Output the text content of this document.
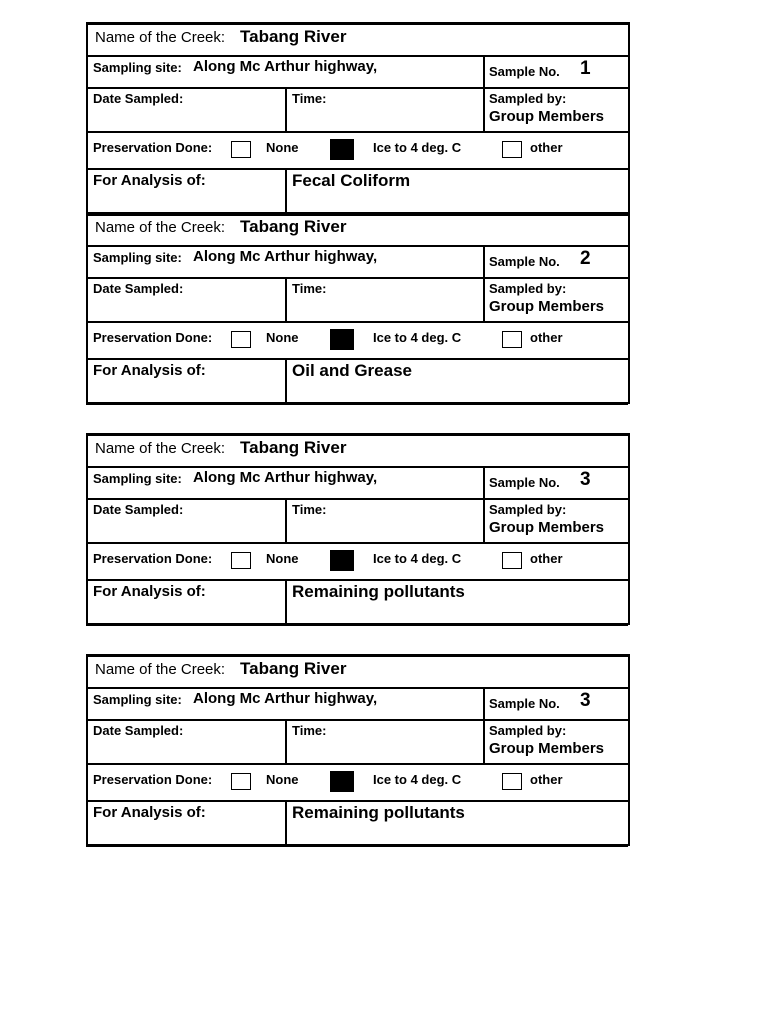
Name of the Creek: Tabang River
Sampling site: Along Mc Arthur highway,	Sample No. 1
Date Sampled:	Time:	Sampled by:
Group Members
Preservation Done:	None	Ice to 4 deg. C	other
For Analysis of:	Fecal Coliform
Name of the Creek: Tabang River
Sampling site: Along Mc Arthur highway,	Sample No. 2
Date Sampled:	Time:	Sampled by:
Group Members
Preservation Done:	None	Ice to 4 deg. C	other
For Analysis of:	Oil and Grease
Name of the Creek: Tabang River
Sampling site: Along Mc Arthur highway,	Sample No. 3
Date Sampled:	Time:	Sampled by:
Group Members
Preservation Done:	None	Ice to 4 deg. C	other
For Analysis of:	Remaining pollutants
Name of the Creek: Tabang River
Sampling site: Along Mc Arthur highway,	Sample No. 3
Date Sampled:	Time:	Sampled by:
Group Members
Preservation Done:	None	Ice to 4 deg. C	other
For Analysis of:	Remaining pollutants
